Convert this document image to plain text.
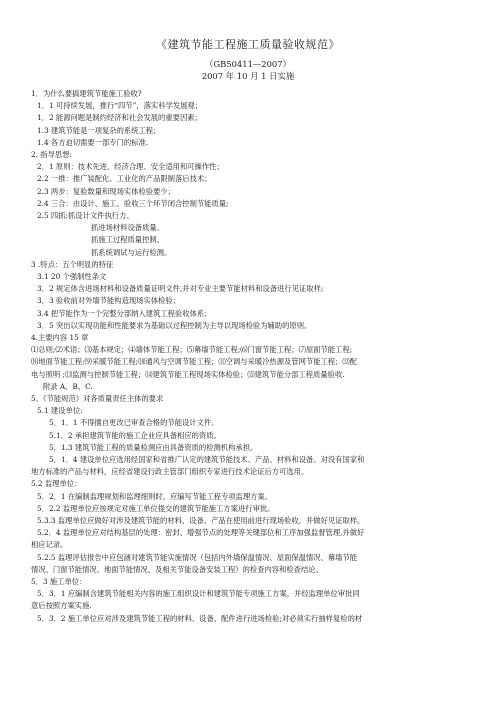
《建筑节能工程施工质量验收规范》
（GB50411—2007）
2007 年 10 月 1 日实施
1．为什么要搞建筑节能施工验收?
1．1 可持续发展，推行“四节”，落实科学发展观；
1．2 能源问题是制约经济和社会发展的重要因素；
1.3 建筑节能是一项复杂的系统工程；
1.4 各方迫切需要一部专门的标准.
2. 指导思想:
2．1 原则：技术先进、经济合理、安全适用和可操作性；
2.2 一推：推广装配化、工业化的产品限制落后技术；
2.3 两步：复验数量和现场实体检验要少；
2.4 三合：由设计、施工、验收三个环节闭合控制节能质量;
2.5 四抓:抓设计文件执行力、
抓进场材料设备质量、
抓施工过程质量控制、
抓系统调试与运行检测。
3 .特点：五个明显的特征
3.1 20 个强制性条文
3．2 规定体含进场材料和设备质量证明文件,并对专业主要节能材料和设备进行见证取样;
3．3 验收前对外墙节能构造现场实体检验；
3.4 把节能作为一个完整分部纳入建筑工程验收体系；
3．5 突出以实现功能和性能要求为基础以过程控制为主导以现场检验为辅助的原则。
4.主要内容 15 章
⑴总则;⑵术语；⑶基本规定；⑷墙体节能工程；⑸幕墙节能工程;⑹门窗节能工程；⑺屋面节能工程;
⑻地面节能工程;⑼采暖节能工程;⑽通风与空调节能工程；⑾空调与采暖冷热源及管网节能工程；⑿配
电与照明 ;⒀监测与控制节能工程；⒁建筑节能工程现场实体检验；⒂建筑节能分部工程质量验收.
附录 A、B、C.
5、《节能规范》对各质量责任主体的要求
5.1 建设单位:
5．1．1 不得擅自更改已审查合格的节能设计文件。
5.1．2 承担建筑节能的施工企业应具备相应的资质。
5．1.3 建筑节能工程的质量检测应由具备资质的检测机构承担。
5．1．4 建设单位应选用经国家和省推广认定的建筑节能技术、产品、材料和设备。对没有国家和
地方标准的产品与材料，应经省建设行政主管部门组织专家进行技术论证后方可选用。
5.2 监理单位：
5．2．1 在编制监理规划和监理细则时，应编写节能工程专项监理方案。
5．2.2 监理单位应按规定对施工单位提交的建筑节能施工方案进行审批。
5.3.3 监理单位应做好对涉及建筑节能的材料、设备、产品在使用前进行现场验收，并做好见证取样。
5.2．4 监理单位应对结构基层的处理：密封、增强节点的处理等关键部位和工序加强监督管理,并做好
相应记录。
5.2.5 监理评估报告中应包涵对建筑节能实施情况（包括内外墙保温情况、屋面保温情况、幕墙节能
情况、门窗节能情况、地面节能情况、及相关节能设备安装工程）的检查内容和检查结论。
5．3 施工单位：
5．3．1 应编制含建筑节能相关内容的施工组织设计和建筑节能专项施工方案，并经监理单位审批同
意后按照方案实施.
5．3．2 施工单位应对涉及建筑节能工程的材料、设备、配件进行进场检验;对必须实行抽样复检的材
